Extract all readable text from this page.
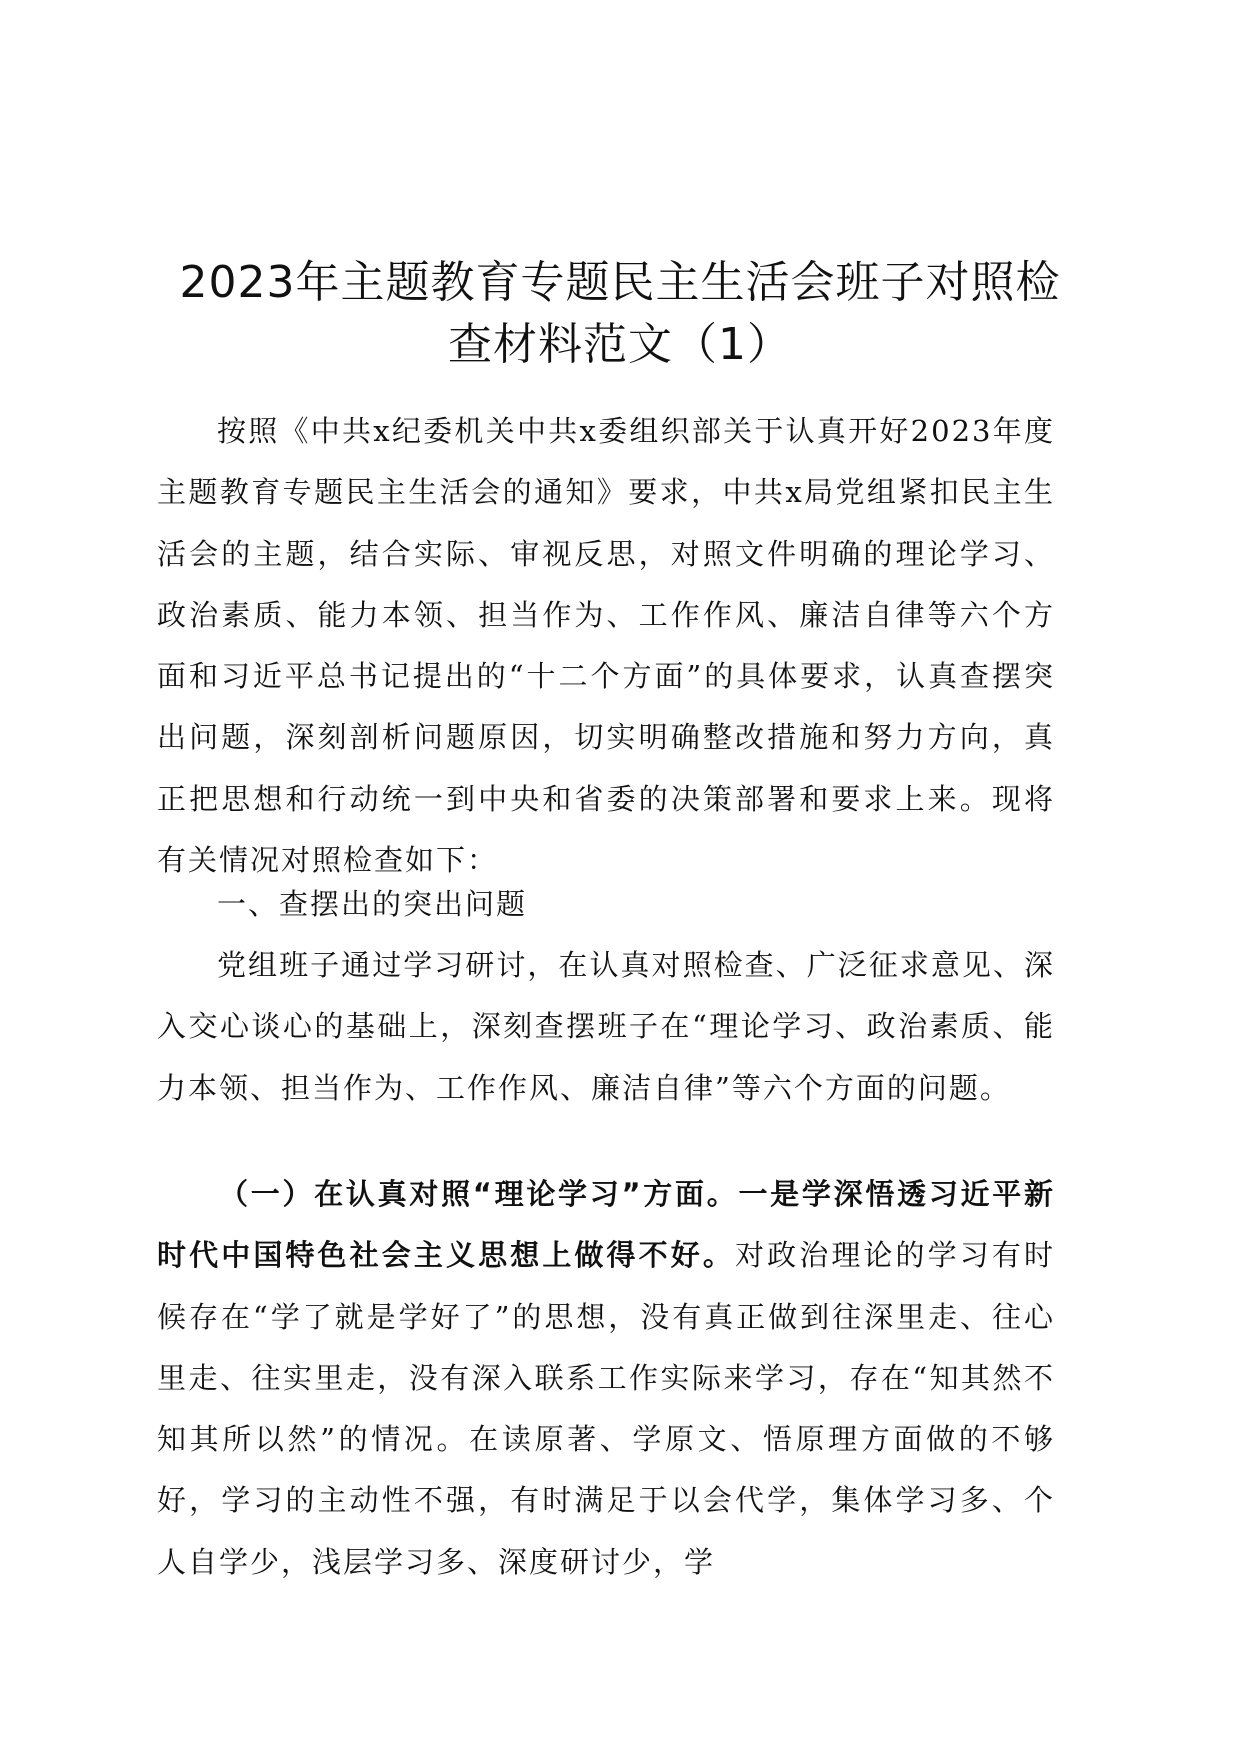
2023年主题教育专题民主生活会班子对照检
查材料范文（1）

按照《中共x纪委机关中共x委组织部关于认真开好2023年度主题教育专题民主生活会的通知》要求，中共x局党组紧扣民主生活会的主题，结合实际、审视反思，对照文件明确的理论学习、政治素质、能力本领、担当作为、工作作风、廉洁自律等六个方面和习近平总书记提出的“十二个方面”的具体要求，认真查摆突出问题，深刻剖析问题原因，切实明确整改措施和努力方向，真正把思想和行动统一到中央和省委的决策部署和要求上来。现将有关情况对照检查如下：

一、查摆出的突出问题

党组班子通过学习研讨，在认真对照检查、广泛征求意见、深入交心谈心的基础上，深刻查摆班子在“理论学习、政治素质、能力本领、担当作为、工作作风、廉洁自律”等六个方面的问题。

（一）在认真对照“理论学习”方面。一是学深悟透习近平新时代中国特色社会主义思想上做得不好。对政治理论的学习有时候存在“学了就是学好了”的思想，没有真正做到往深里走、往心里走、往实里走，没有深入联系工作实际来学习，存在“知其然不知其所以然”的情况。在读原著、学原文、悟原理方面做的不够好，学习的主动性不强，有时满足于以会代学，集体学习多、个人自学少，浅层学习多、深度研讨少，学
